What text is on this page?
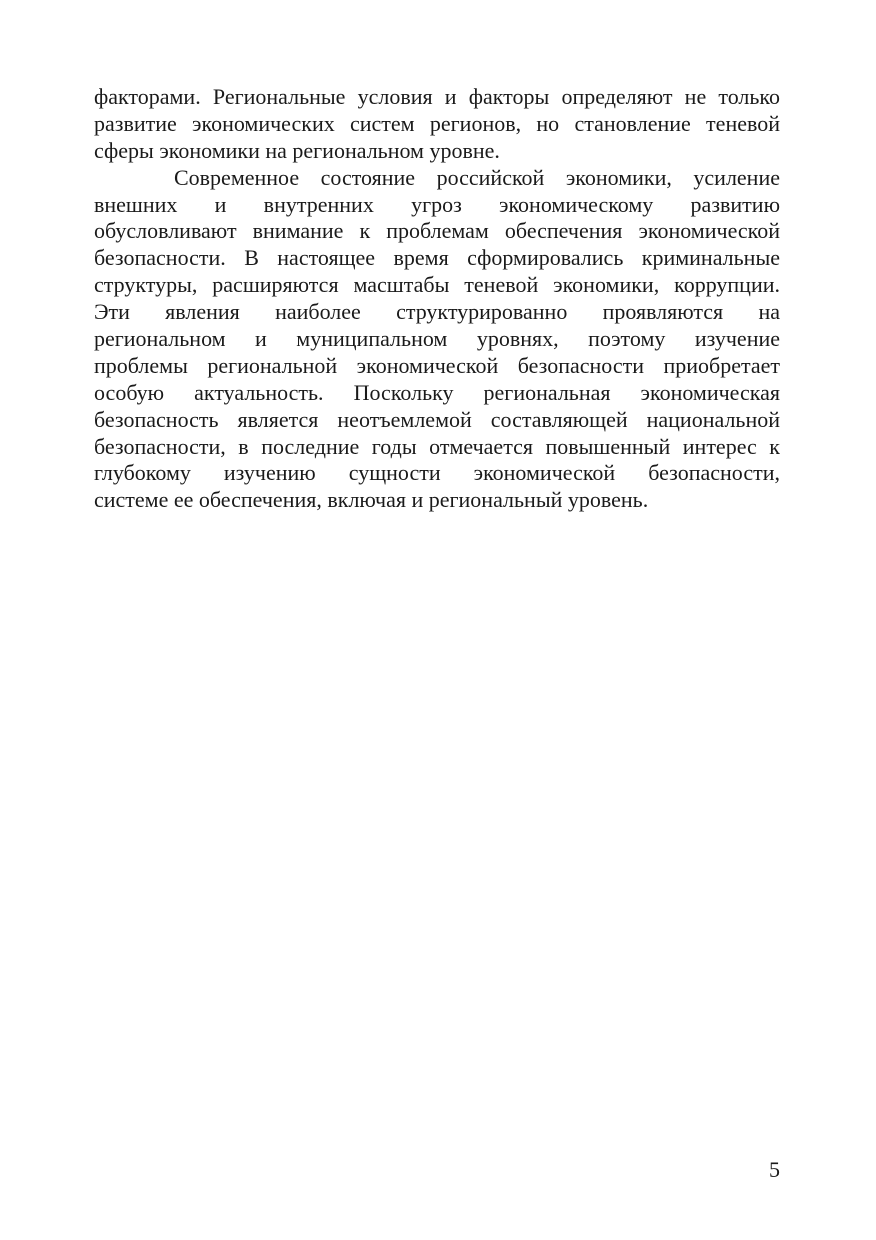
факторами. Региональные условия и факторы определяют не только
развитие экономических систем регионов, но становление теневой
сферы экономики на региональном уровне.
Современное состояние российской экономики, усиление
внешних и внутренних угроз экономическому развитию
обусловливают внимание к проблемам обеспечения экономической
безопасности. В настоящее время сформировались криминальные
структуры, расширяются масштабы теневой экономики, коррупции.
Эти явления наиболее структурированно проявляются на
региональном и муниципальном уровнях, поэтому изучение
проблемы региональной экономической безопасности приобретает
особую актуальность. Поскольку региональная экономическая
безопасность является неотъемлемой составляющей национальной
безопасности, в последние годы отмечается повышенный интерес к
глубокому изучению сущности экономической безопасности,
системе ее обеспечения, включая и региональный уровень.
5
